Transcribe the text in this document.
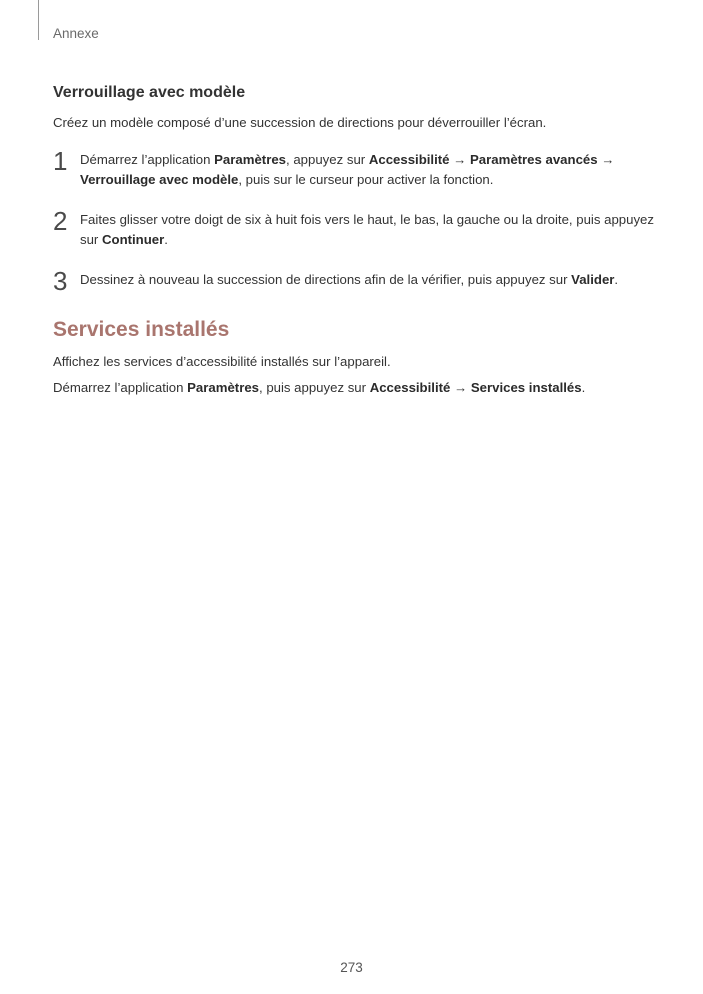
Annexe
Verrouillage avec modèle
Créez un modèle composé d’une succession de directions pour déverrouiller l’écran.
1 Démarrez l’application Paramètres, appuyez sur Accessibilité → Paramètres avancés →
Verrouillage avec modèle, puis sur le curseur pour activer la fonction.
2 Faites glisser votre doigt de six à huit fois vers le haut, le bas, la gauche ou la droite, puis appuyez sur Continuer.
3 Dessinez à nouveau la succession de directions afin de la vérifier, puis appuyez sur Valider.
Services installés
Affichez les services d’accessibilité installés sur l’appareil.
Démarrez l’application Paramètres, puis appuyez sur Accessibilité → Services installés.
273
